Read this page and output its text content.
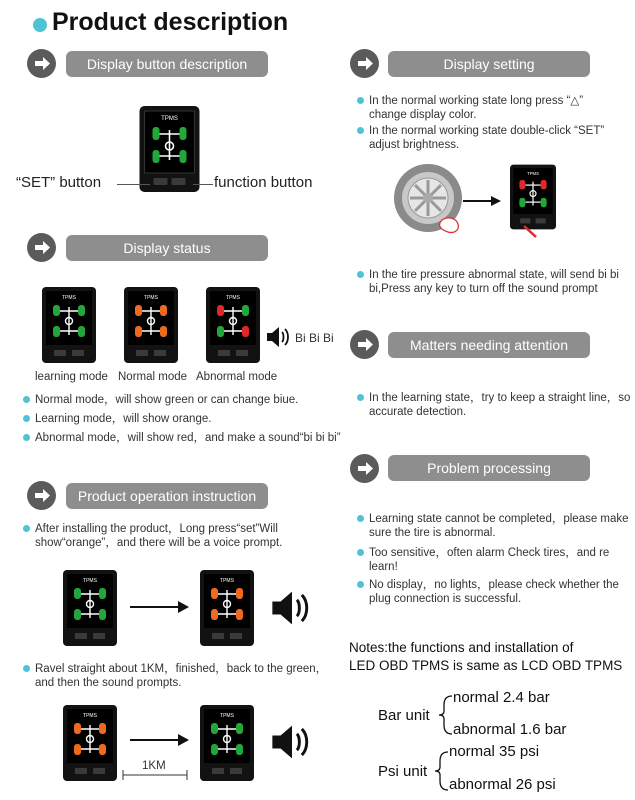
Product description
Display button description
TPMS
“SET” button	function button
Display status
TPMS	TPMS	TPMS
Bi Bi Bi
learning mode Normal mode Abnormal mode
Normal mode，will show green or can change biue.
Learning mode，will show orange.
Abnormal mode，will show red，and make a sound“bi bi bi”
Product operation instruction
After installing the product，Long press“set”Will show“orange”，and there will be a voice prompt.
TPMS	TPMS
Ravel straight about 1KM，finished，back to the green，and then the sound prompts.
TPMS	TPMS
1KM
Display setting
In the normal working state long press “△” change display color.
In the normal working state double-click “SET” adjust brightness.
TPMS
In the tire pressure abnormal state, will send bi bi bi,Press any key to turn off the sound prompt
Matters needing attention
In the learning state，try to keep a straight line，so accurate detection.
Problem processing
Learning state cannot be completed，please make sure the tire is abnormal.
Too sensitive，often alarm Check tires，and re learn!
No display，no lights，please check whether the plug connection is successful.
Notes:the functions and installation of
LED OBD TPMS is same as LCD OBD TPMS
Bar unit
normal 2.4 bar
abnormal 1.6 bar
Psi unit
normal 35 psi
abnormal 26 psi
